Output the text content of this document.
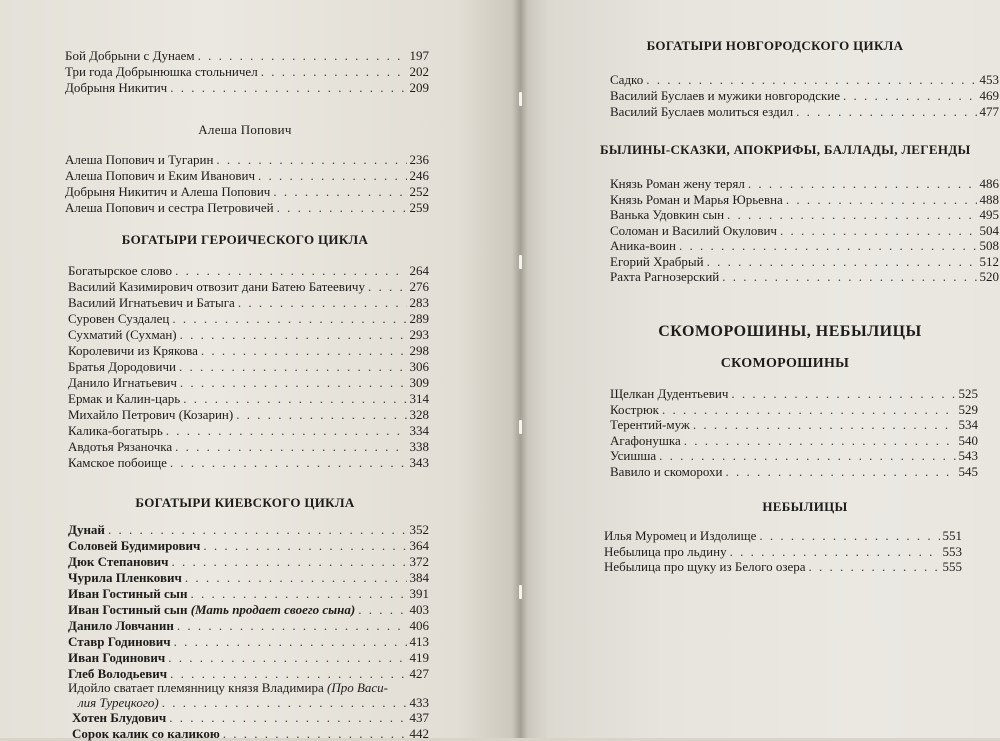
Бой Добрыни с Дунаем . . .	197
Три года Добрынюшка стольничел . . .	202
Добрыня Никитич . . .	209
Алеша Попович
Алеша Попович и Тугарин . . .	236
Алеша Попович и Еким Иванович . . .	246
Добрыня Никитич и Алеша Попович . . .	252
Алеша Попович и сестра Петровичей . . .	259
БОГАТЫРИ ГЕРОИЧЕСКОГО ЦИКЛА
Богатырское слово . . .	264
Василий Казимирович отвозит дани Батею Батеевичу . . .	276
Василий Игнатьевич и Батыга . . .	283
Суровен Суздалец . . .	289
Сухматий (Сухман) . . .	293
Королевичи из Крякова . . .	298
Братья Дородовичи . . .	306
Данило Игнатьевич . . .	309
Ермак и Калин-царь . . .	314
Михайло Петрович (Козарин) . . .	328
Калика-богатырь . . .	334
Авдотья Рязаночка . . .	338
Камское побоище . . .	343
БОГАТЫРИ КИЕВСКОГО ЦИКЛА
Дунай . . .	352
Соловей Будимирович . . .	364
Дюк Степанович . . .	372
Чурила Пленкович . . .	384
Иван Гостиный сын . . .	391
Иван Гостиный сын (Мать продает своего сына) . . .	403
Данило Ловчанин . . .	406
Ставр Годинович . . .	413
Иван Годинович . . .	419
Глеб Володьевич . . .	427
Идойло сватает племянницу князя Владимира (Про Васи-
лия Турецкого) . . .	433
Хотен Блудович . . .	437
Сорок калик со каликою . . .	442
БОГАТЫРИ НОВГОРОДСКОГО ЦИКЛА
Садко . . .	453
Василий Буслаев и мужики новгородские . . .	469
Василий Буслаев молиться ездил . . .	477
БЫЛИНЫ-СКАЗКИ, АПОКРИФЫ, БАЛЛАДЫ, ЛЕГЕНДЫ
Князь Роман жену терял . . .	486
Князь Роман и Марья Юрьевна . . .	488
Ванька Удовкин сын . . .	495
Соломан и Василий Окулович . . .	504
Аника-воин . . .	508
Егорий Храбрый . . .	512
Рахта Рагнозерский . . .	520
СКОМОРОШИНЫ, НЕБЫЛИЦЫ
СКОМОРОШИНЫ
Щелкан Дудентьевич . . .	525
Кострюк . . .	529
Терентий-муж . . .	534
Агафонушка . . .	540
Усишша . . .	543
Вавило и скоморохи . . .	545
НЕБЫЛИЦЫ
Илья Муромец и Издолище . . .	551
Небылица про льдину . . .	553
Небылица про щуку из Белого озера . . .	555
